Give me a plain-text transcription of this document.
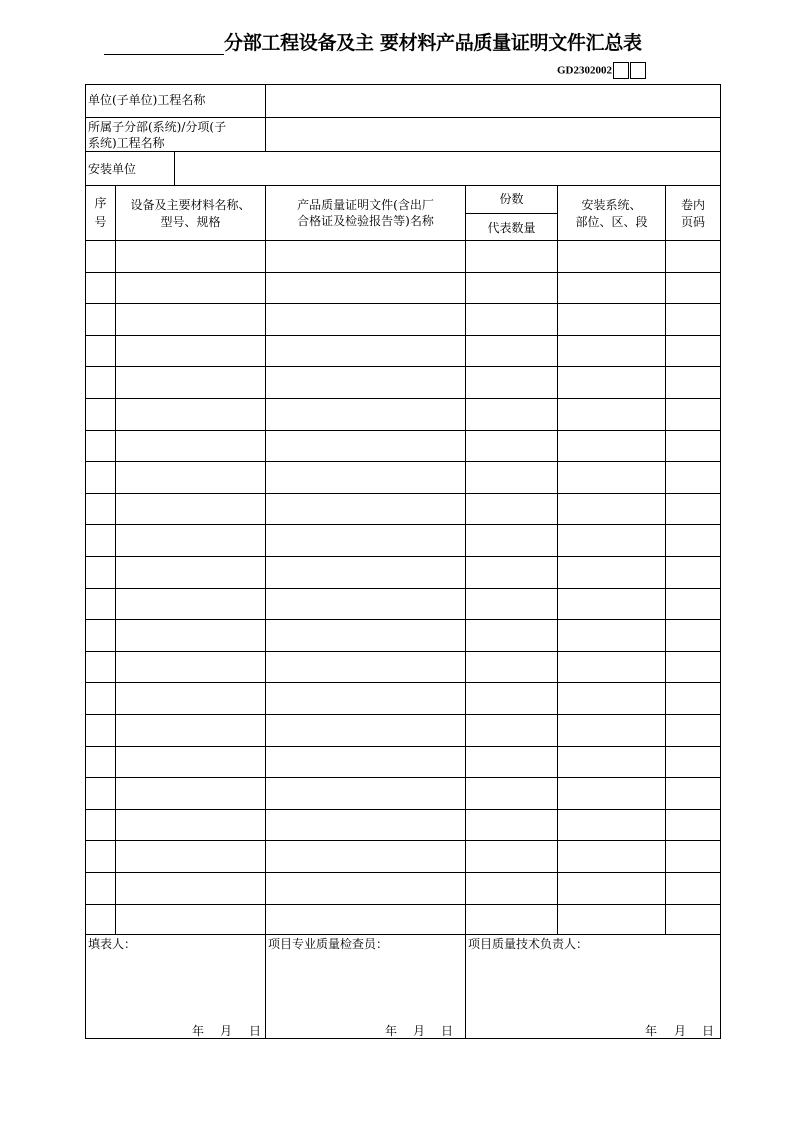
分部工程设备及主 要材料产品质量证明文件汇总表
GD2302002
单位(子单位)工程名称
所属子分部(系统)/分项(子
系统)工程名称
安装单位
序
号
设备及主要材料名称、
型号、规格
产品质量证明文件(含出厂
合格证及检验报告等)名称
份数
代表数量
安装系统、
部位、区、段
卷内
页码
填表人：
年 月 日
项目专业质量检查员：
年 月 日
项目质量技术负责人：
年 月 日
